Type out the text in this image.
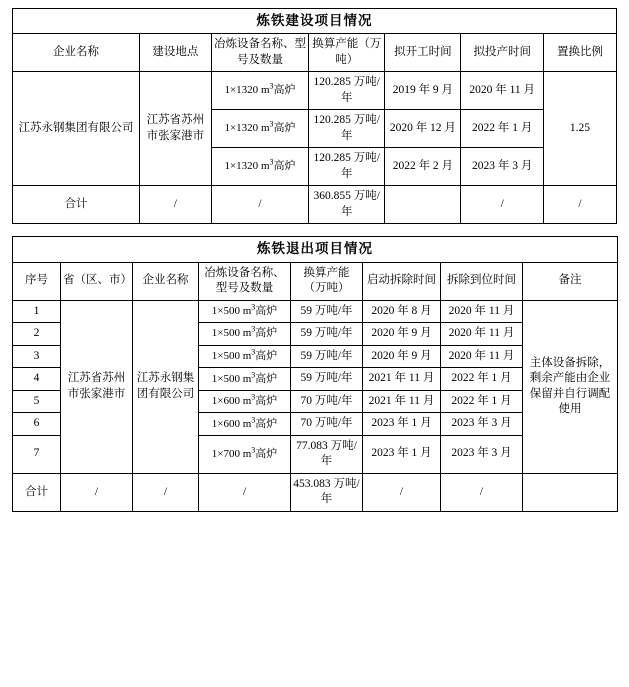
炼铁建设项目情况						
企业名称	建设地点	冶炼设备名称、型号及数量	换算产能（万吨）	拟开工时间	拟投产时间	置换比例
江苏永钢集团有限公司	江苏省苏州市张家港市	1×1320 $m^3$高炉	120.285 万吨/年	2019 年 9 月	2020 年 11 月	1.25
		1×1320 $m^3$高炉	120.285 万吨/年	2020 年 12 月	2022 年 1 月	
		1×1320 $m^3$高炉	120.285 万吨/年	2022 年 2 月	2023 年 3 月	
合计	/	/	360.855 万吨/年		/	/
炼铁退出项目情况							
序号	省（区、市）	企业名称	冶炼设备名称、型号及数量	换算产能（万吨）	启动拆除时间	拆除到位时间	备注
1	江苏省苏州市张家港市	江苏永钢集团有限公司	1×500 $m^3$高炉	59 万吨/年	2020 年 8 月	2020 年 11 月	主体设备拆除，剩余产能由企业保留并自行调配使用
2			1×500 $m^3$高炉	59 万吨/年	2020 年 9 月	2020 年 11 月	
3			1×500 $m^3$高炉	59 万吨/年	2020 年 9 月	2020 年 11 月	
4			1×500 $m^3$高炉	59 万吨/年	2021 年 11 月	2022 年 1 月	
5			1×600 $m^3$高炉	70 万吨/年	2021 年 11 月	2022 年 1 月	
6			1×600 $m^3$高炉	70 万吨/年	2023 年 1 月	2023 年 3 月	
7			1×700 $m^3$高炉	77.083 万吨/年	2023 年 1 月	2023 年 3 月	
合计	/	/	/	453.083 万吨/年	/	/	
